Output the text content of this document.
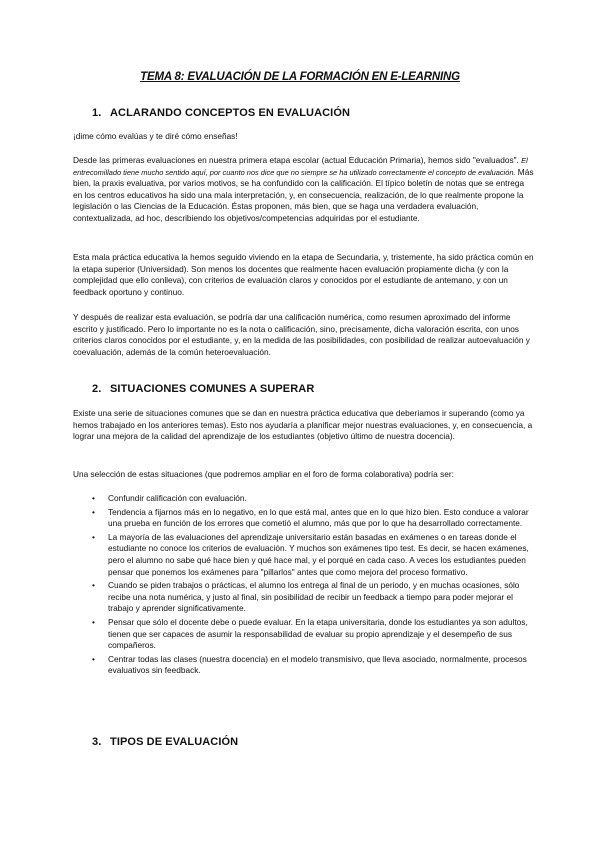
TEMA 8: EVALUACIÓN DE LA FORMACIÓN EN E-LEARNING
1. ACLARANDO CONCEPTOS EN EVALUACIÓN

¡dime cómo evalúas y te diré cómo enseñas!

Desde las primeras evaluaciones en nuestra primera etapa escolar (actual Educación Primaria), hemos sido "evaluados". El entrecomillado tiene mucho sentido aquí, por cuanto nos dice que no siempre se ha utilizado correctamente el concepto de evaluación. Más bien, la praxis evaluativa, por varios motivos, se ha confundido con la calificación. El típico boletín de notas que se entrega en los centros educativos ha sido una mala interpretación, y, en consecuencia, realización, de lo que realmente propone la legislación o las Ciencias de la Educación. Éstas proponen, más bien, que se haga una verdadera evaluación, contextualizada, ad hoc, describiendo los objetivos/competencias adquiridas por el estudiante.

Esta mala práctica educativa la hemos seguido viviendo en la etapa de Secundaria, y, tristemente, ha sido práctica común en la etapa superior (Universidad). Son menos los docentes que realmente hacen evaluación propiamente dicha (y con la complejidad que ello conlleva), con criterios de evaluación claros y conocidos por el estudiante de antemano, y con un feedback oportuno y continuo.

Y después de realizar esta evaluación, se podría dar una calificación numérica, como resumen aproximado del informe escrito y justificado. Pero lo importante no es la nota o calificación, sino, precisamente, dicha valoración escrita, con unos criterios claros conocidos por el estudiante, y, en la medida de las posibilidades, con posibilidad de realizar autoevaluación y coevaluación, además de la común heteroevaluación.

2. SITUACIONES COMUNES A SUPERAR

Existe una serie de situaciones comunes que se dan en nuestra práctica educativa que deberíamos ir superando (como ya hemos trabajado en los anteriores temas). Esto nos ayudaría a planificar mejor nuestras evaluaciones, y, en consecuencia, a lograr una mejora de la calidad del aprendizaje de los estudiantes (objetivo último de nuestra docencia).

Una selección de estas situaciones (que podremos ampliar en el foro de forma colaborativa) podría ser:

• Confundir calificación con evaluación.
• Tendencia a fijarnos más en lo negativo, en lo que está mal, antes que en lo que hizo bien. Esto conduce a valorar una prueba en función de los errores que cometió el alumno, más que por lo que ha desarrollado correctamente.
• La mayoría de las evaluaciones del aprendizaje universitario están basadas en exámenes o en tareas donde el estudiante no conoce los criterios de evaluación. Y muchos son exámenes tipo test. Es decir, se hacen exámenes, pero el alumno no sabe qué hace bien y qué hace mal, y el porqué en cada caso. A veces los estudiantes pueden pensar que ponemos los exámenes para "pillarlos" antes que como mejora del proceso formativo.
• Cuando se piden trabajos o prácticas, el alumno los entrega al final de un periodo, y en muchas ocasiones, sólo recibe una nota numérica, y justo al final, sin posibilidad de recibir un feedback a tiempo para poder mejorar el trabajo y aprender significativamente.
• Pensar que sólo el docente debe o puede evaluar. En la etapa universitaria, donde los estudiantes ya son adultos, tienen que ser capaces de asumir la responsabilidad de evaluar su propio aprendizaje y el desempeño de sus compañeros.
• Centrar todas las clases (nuestra docencia) en el modelo transmisivo, que lleva asociado, normalmente, procesos evaluativos sin feedback.
3. TIPOS DE EVALUACIÓN
